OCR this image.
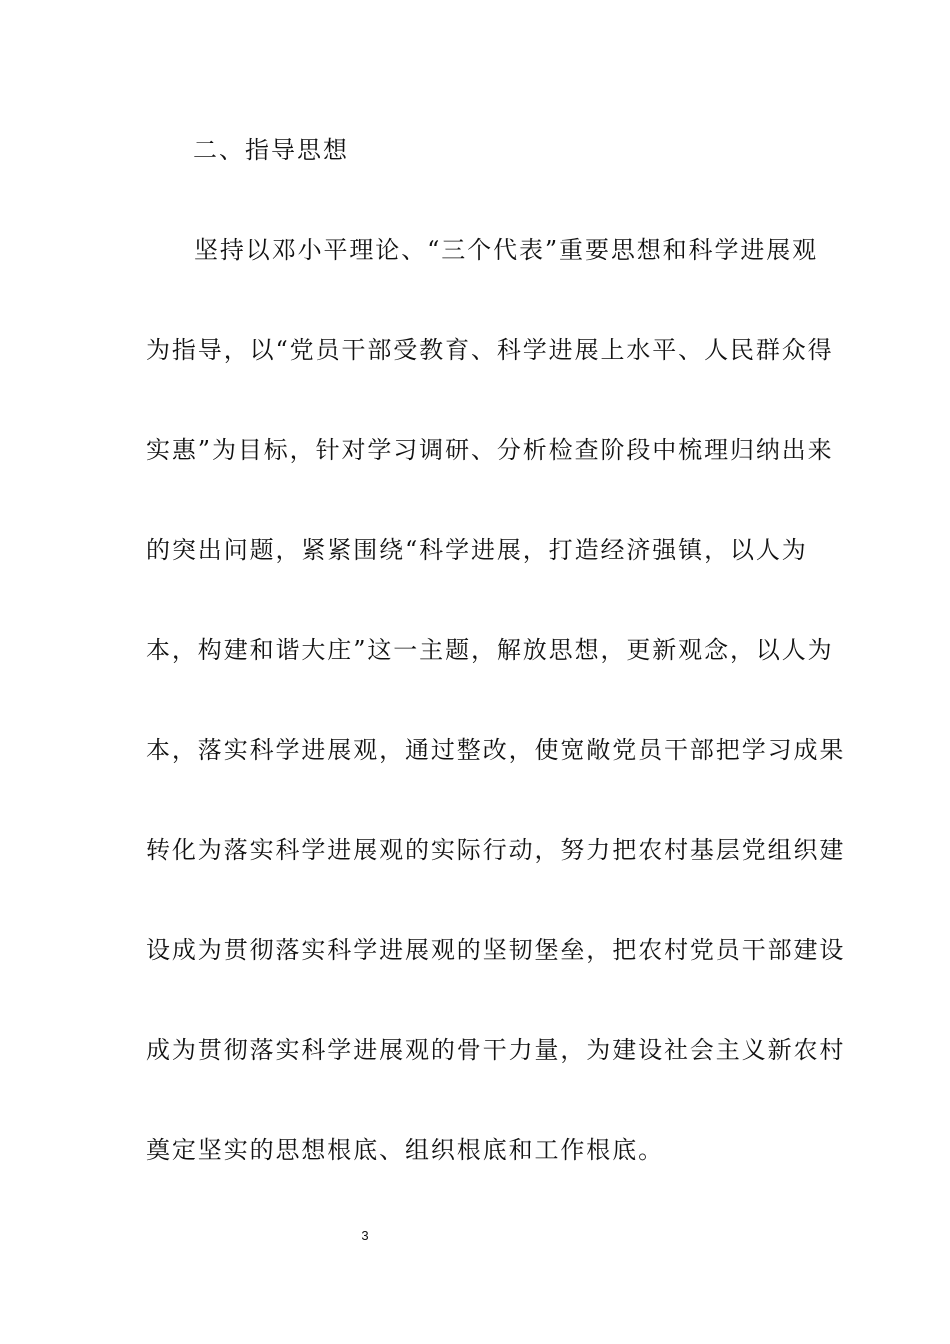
二、指导思想
坚持以邓小平理论、“三个代表”重要思想和科学进展观
为指导，以“党员干部受教育、科学进展上水平、人民群众得
实惠”为目标，针对学习调研、分析检查阶段中梳理归纳出来
的突出问题，紧紧围绕“科学进展，打造经济强镇，以人为
本，构建和谐大庄”这一主题，解放思想，更新观念，以人为
本，落实科学进展观，通过整改，使宽敞党员干部把学习成果
转化为落实科学进展观的实际行动，努力把农村基层党组织建
设成为贯彻落实科学进展观的坚韧堡垒，把农村党员干部建设
成为贯彻落实科学进展观的骨干力量，为建设社会主义新农村
奠定坚实的思想根底、组织根底和工作根底。
3
